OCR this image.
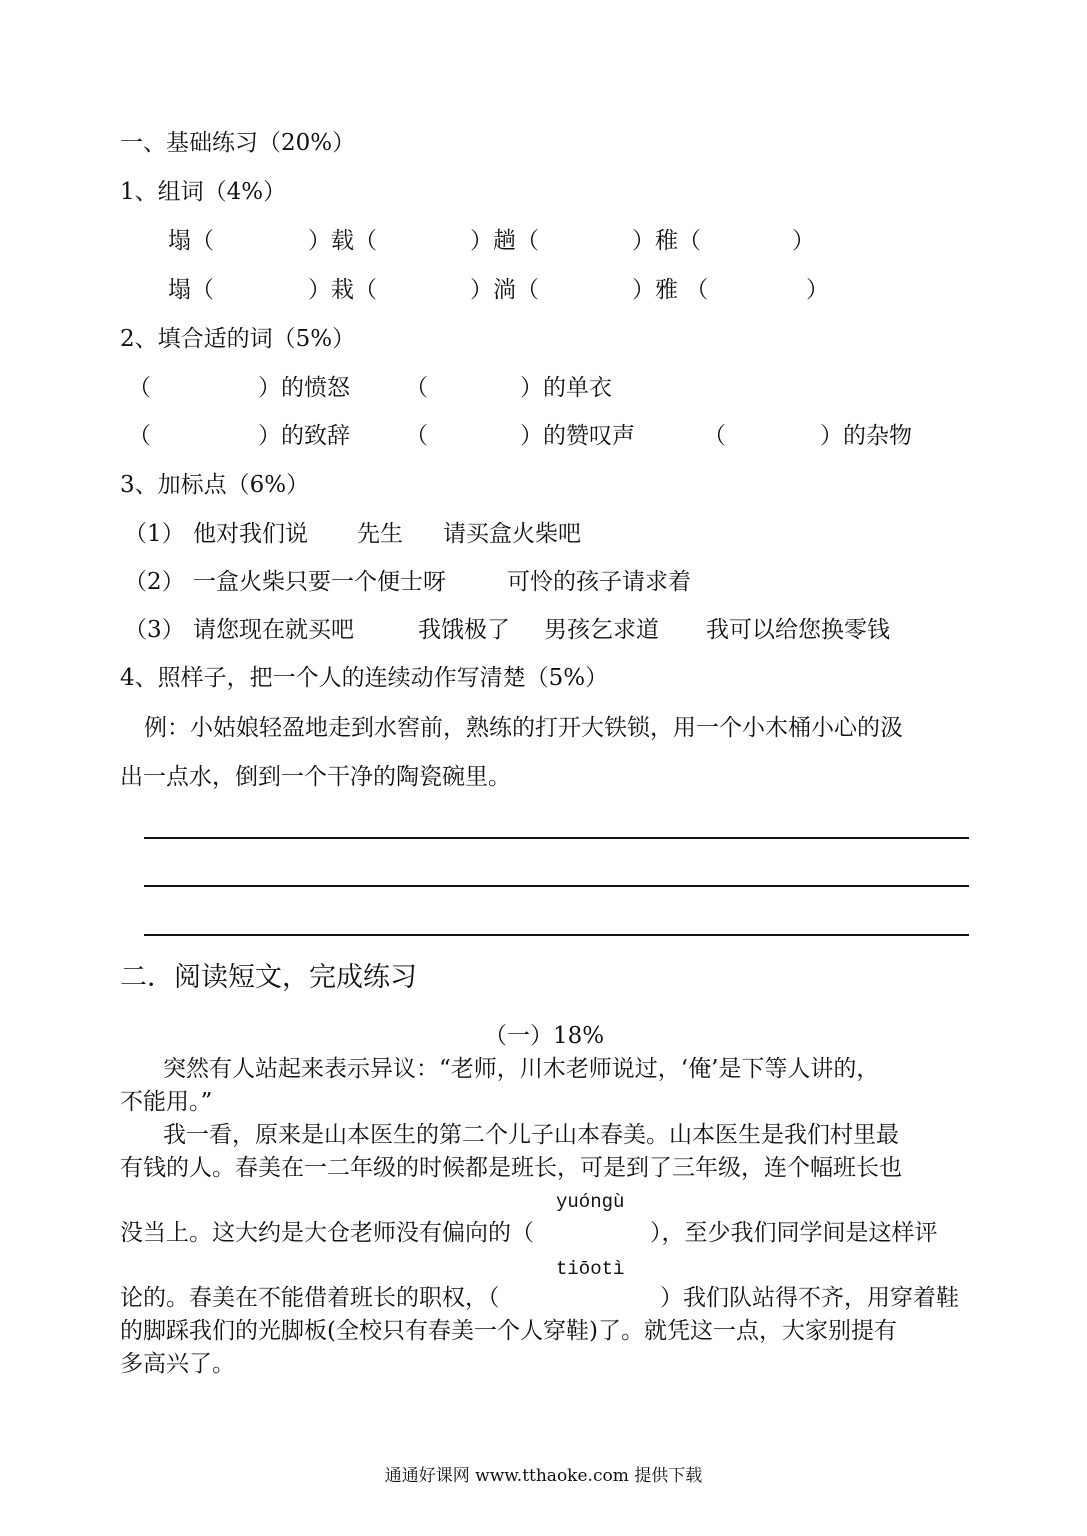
一、基础练习（20%）
1、组词（4%）
塌（	）载（	）趟（	）稚（	）
塌（	）栽（	）淌（	）雅 （	）
2、填合适的词（5%）
（	）的愤怒 （	）的单衣
（	）的致辞 （	）的赞叹声	（	）的杂物
3、加标点（6%）
（1） 他对我们说 先生 请买盒火柴吧
（2） 一盒火柴只要一个便士呀	可怜的孩子请求着
（3） 请您现在就买吧	我饿极了 男孩乞求道 我可以给您换零钱
4、照样子，把一个人的连续动作写清楚（5%）
例：小姑娘轻盈地走到水窖前，熟练的打开大铁锁，用一个小木桶小心的汲
出一点水，倒到一个干净的陶瓷碗里。
二．阅读短文，完成练习
（一）18%
突然有人站起来表示异议：“老师，川木老师说过，‘俺’是下等人讲的，
不能用。”
我一看，原来是山本医生的第二个儿子山本春美。山本医生是我们村里最
有钱的人。春美在一二年级的时候都是班长，可是到了三年级，连个幅班长也
yuóngù
没当上。这大约是大仓老师没有偏向的（	），至少我们同学间是这样评
tiōotì
论的。春美在不能借着班长的职权，（	）我们队站得不齐，用穿着鞋
的脚踩我们的光脚板(全校只有春美一个人穿鞋)了。就凭这一点，大家别提有
多高兴了。
通通好课网 www.tthaoke.com 提供下载
